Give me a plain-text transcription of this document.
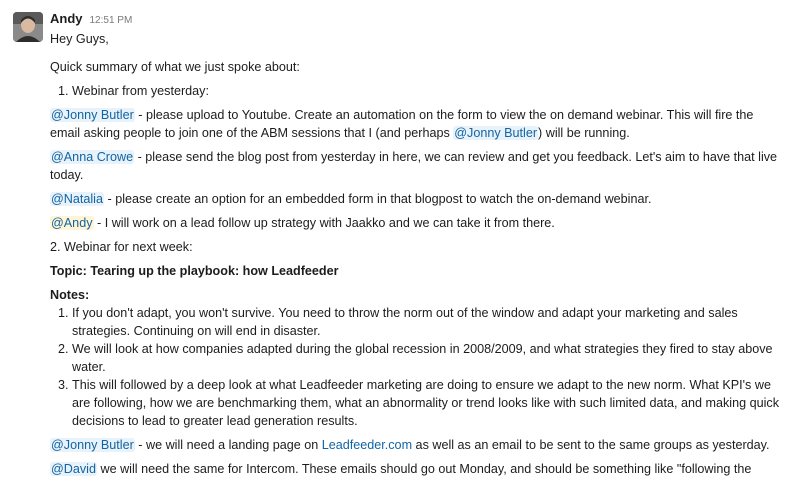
Andy 12:51 PM

Hey Guys,

Quick summary of what we just spoke about:

1. Webinar from yesterday:

@Jonny Butler - please upload to Youtube. Create an automation on the form to view the on demand webinar. This will fire the email asking people to join one of the ABM sessions that I (and perhaps @Jonny Butler) will be running.

@Anna Crowe - please send the blog post from yesterday in here, we can review and get you feedback. Let's aim to have that live today.

@Natalia - please create an option for an embedded form in that blogpost to watch the on-demand webinar.

@Andy - I will work on a lead follow up strategy with Jaakko and we can take it from there.

2. Webinar for next week:

Topic: Tearing up the playbook: how Leadfeeder

Notes:

1. If you don't adapt, you won't survive. You need to throw the norm out of the window and adapt your marketing and sales strategies. Continuing on will end in disaster.
2. We will look at how companies adapted during the global recession in 2008/2009, and what strategies they fired to stay above water.
3. This will followed by a deep look at what Leadfeeder marketing are doing to ensure we adapt to the new norm. What KPI's we are following, how we are benchmarking them, what an abnormality or trend looks like with such limited data, and making quick decisions to lead to greater lead generation results.

@Jonny Butler - we will need a landing page on Leadfeeder.com as well as an email to be sent to the same groups as yesterday.

@David we will need the same for Intercom. These emails should go out Monday, and should be something like "following the
